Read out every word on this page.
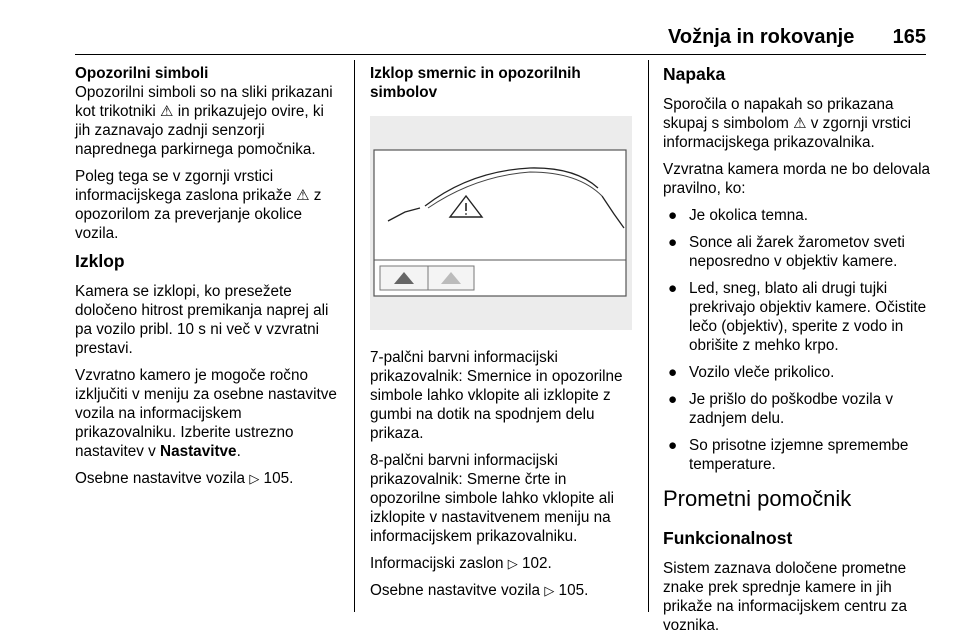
Vožnja in rokovanje 165
Opozorilni simboli

Opozorilni simboli so na sliki prikazani kot trikotniki ⚠ in prikazujejo ovire, ki jih zaznavajo zadnji senzorji naprednega parkirnega pomočnika.

Poleg tega se v zgornji vrstici informacijskega zaslona prikaže ⚠ z opozorilom za preverjanje okolice vozila.

Izklop

Kamera se izklopi, ko presežete določeno hitrost premikanja naprej ali pa vozilo pribl. 10 s ni več v vzvratni prestavi.

Vzvratno kamero je mogoče ročno izključiti v meniju za osebne nastavitve vozila na informacijskem prikazovalniku. Izberite ustrezno nastavitev v Nastavitve.

Osebne nastavitve vozila ▷ 105.

Izklop smernic in opozorilnih simbolov

7-palčni barvni informacijski prikazovalnik: Smernice in opozorilne simbole lahko vklopite ali izklopite z gumbi na dotik na spodnjem delu prikaza.

8-palčni barvni informacijski prikazovalnik: Smerne črte in opozorilne simbole lahko vklopite ali izklopite v nastavitvenem meniju na informacijskem prikazovalniku.

Informacijski zaslon ▷ 102.

Osebne nastavitve vozila ▷ 105.

Napaka

Sporočila o napakah so prikazana skupaj s simbolom ⚠ v zgornji vrstici informacijskega prikazovalnika.

Vzvratna kamera morda ne bo delovala pravilno, ko:

● Je okolica temna.
● Sonce ali žarek žarometov sveti neposredno v objektiv kamere.
● Led, sneg, blato ali drugi tujki prekrivajo objektiv kamere. Očistite lečo (objektiv), sperite z vodo in obrišite z mehko krpo.
● Vozilo vleče prikolico.
● Je prišlo do poškodbe vozila v zadnjem delu.
● So prisotne izjemne spremembe temperature.
Prometni pomočnik
Funkcionalnost

Sistem zaznava določene prometne znake prek sprednje kamere in jih prikaže na informacijskem centru za voznika.
